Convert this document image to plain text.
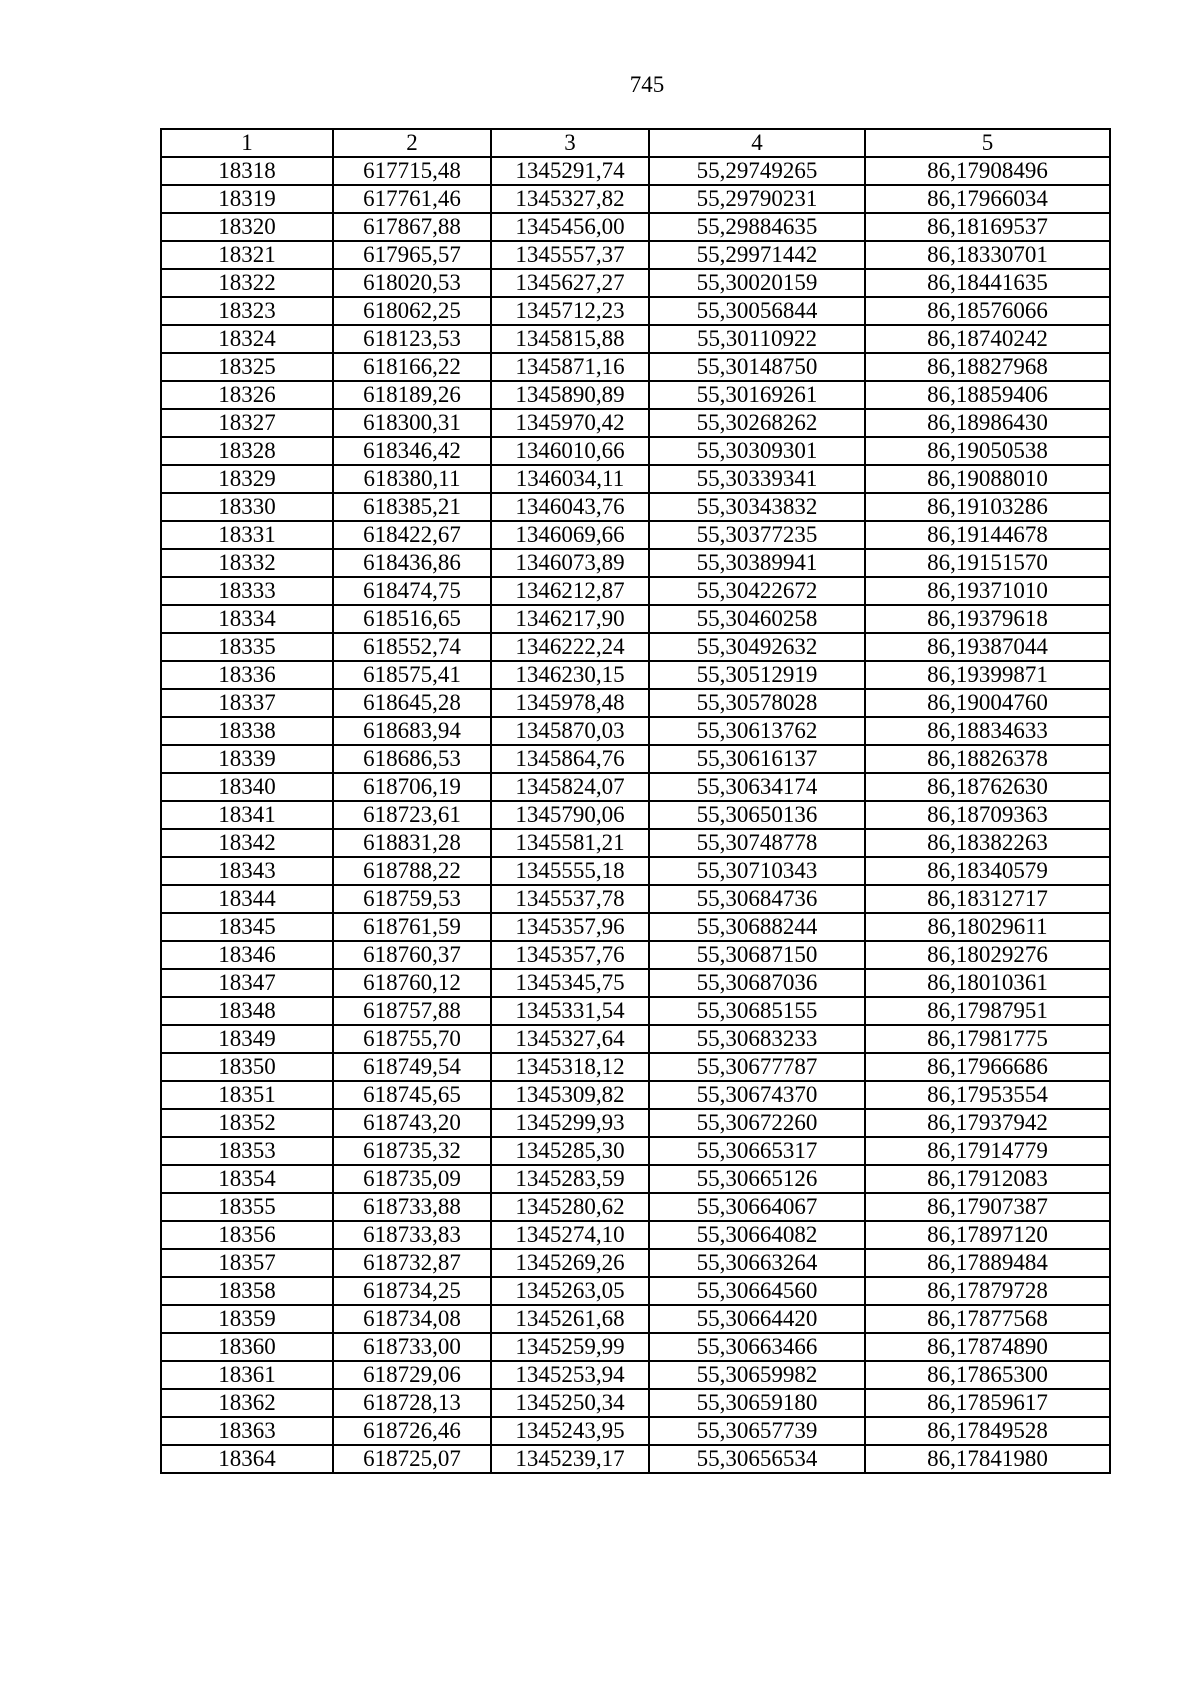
745
1	2	3	4	5
18318	617715,48	1345291,74	55,29749265	86,17908496
18319	617761,46	1345327,82	55,29790231	86,17966034
18320	617867,88	1345456,00	55,29884635	86,18169537
18321	617965,57	1345557,37	55,29971442	86,18330701
18322	618020,53	1345627,27	55,30020159	86,18441635
18323	618062,25	1345712,23	55,30056844	86,18576066
18324	618123,53	1345815,88	55,30110922	86,18740242
18325	618166,22	1345871,16	55,30148750	86,18827968
18326	618189,26	1345890,89	55,30169261	86,18859406
18327	618300,31	1345970,42	55,30268262	86,18986430
18328	618346,42	1346010,66	55,30309301	86,19050538
18329	618380,11	1346034,11	55,30339341	86,19088010
18330	618385,21	1346043,76	55,30343832	86,19103286
18331	618422,67	1346069,66	55,30377235	86,19144678
18332	618436,86	1346073,89	55,30389941	86,19151570
18333	618474,75	1346212,87	55,30422672	86,19371010
18334	618516,65	1346217,90	55,30460258	86,19379618
18335	618552,74	1346222,24	55,30492632	86,19387044
18336	618575,41	1346230,15	55,30512919	86,19399871
18337	618645,28	1345978,48	55,30578028	86,19004760
18338	618683,94	1345870,03	55,30613762	86,18834633
18339	618686,53	1345864,76	55,30616137	86,18826378
18340	618706,19	1345824,07	55,30634174	86,18762630
18341	618723,61	1345790,06	55,30650136	86,18709363
18342	618831,28	1345581,21	55,30748778	86,18382263
18343	618788,22	1345555,18	55,30710343	86,18340579
18344	618759,53	1345537,78	55,30684736	86,18312717
18345	618761,59	1345357,96	55,30688244	86,18029611
18346	618760,37	1345357,76	55,30687150	86,18029276
18347	618760,12	1345345,75	55,30687036	86,18010361
18348	618757,88	1345331,54	55,30685155	86,17987951
18349	618755,70	1345327,64	55,30683233	86,17981775
18350	618749,54	1345318,12	55,30677787	86,17966686
18351	618745,65	1345309,82	55,30674370	86,17953554
18352	618743,20	1345299,93	55,30672260	86,17937942
18353	618735,32	1345285,30	55,30665317	86,17914779
18354	618735,09	1345283,59	55,30665126	86,17912083
18355	618733,88	1345280,62	55,30664067	86,17907387
18356	618733,83	1345274,10	55,30664082	86,17897120
18357	618732,87	1345269,26	55,30663264	86,17889484
18358	618734,25	1345263,05	55,30664560	86,17879728
18359	618734,08	1345261,68	55,30664420	86,17877568
18360	618733,00	1345259,99	55,30663466	86,17874890
18361	618729,06	1345253,94	55,30659982	86,17865300
18362	618728,13	1345250,34	55,30659180	86,17859617
18363	618726,46	1345243,95	55,30657739	86,17849528
18364	618725,07	1345239,17	55,30656534	86,17841980
